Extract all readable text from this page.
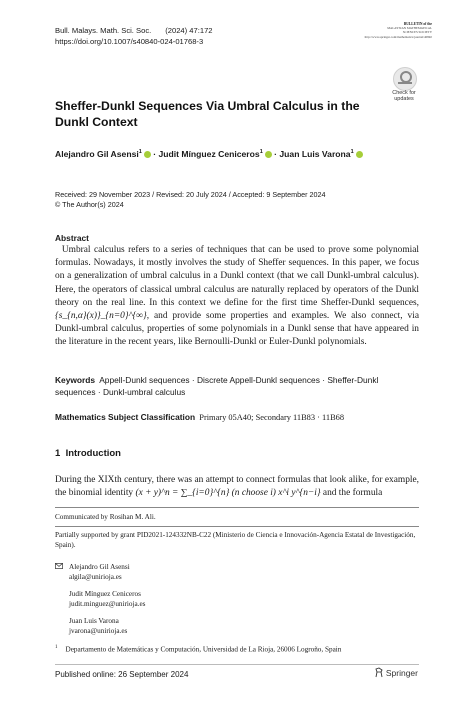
Bull. Malays. Math. Sci. Soc. (2024) 47:172
https://doi.org/10.1007/s40840-024-01768-3
BULLETIN of the
MALAYSIAN MATHEMATICAL
SCIENCES SOCIETY
http://www.springer.com/mathematics/journal/40840
Check for
updates
Sheffer-Dunkl Sequences Via Umbral Calculus in the Dunkl Context
Alejandro Gil Asensi$^1$ · Judit Mínguez Ceniceros$^1$ · Juan Luis Varona$^1$
Received: 29 November 2023 / Revised: 20 July 2024 / Accepted: 9 September 2024
© The Author(s) 2024
Abstract
Umbral calculus refers to a series of techniques that can be used to prove some polynomial formulas. Nowadays, it mostly involves the study of Sheffer sequences. In this paper, we focus on a generalization of umbral calculus in a Dunkl context (that we call Dunkl-umbral calculus). Here, the operators of classical umbral calculus are naturally replaced by operators of the Dunkl theory on the real line. In this context we define for the first time Sheffer-Dunkl sequences, {s_{n,α}(x)}_{n=0}^{∞}, and provide some properties and examples. We also connect, via Dunkl-umbral calculus, properties of some polynomials in a Dunkl sense that have appeared in the literature in the recent years, like Bernoulli-Dunkl or Euler-Dunkl polynomials.
Keywords Appell-Dunkl sequences · Discrete Appell-Dunkl sequences · Sheffer-Dunkl sequences · Dunkl-umbral calculus
Mathematics Subject Classification Primary 05A40; Secondary 11B83 · 11B68
1 Introduction
During the XIXth century, there was an attempt to connect formulas that look alike, for example, the binomial identity (x + y)^n = ∑_{i=0}^{n} (n choose i) x^i y^{n−i} and the formula
Communicated by Rosihan M. Ali.
Partially supported by grant PID2021-124332NB-C22 (Ministerio de Ciencia e Innovación-Agencia Estatal de Investigación, Spain).
Alejandro Gil Asensi
algila@unirioja.es
Judit Mínguez Ceniceros
judit.minguez@unirioja.es
Juan Luis Varona
jvarona@unirioja.es
$^1$ Departamento de Matemáticas y Computación, Universidad de La Rioja, 26006 Logroño, Spain
Published online: 26 September 2024	Springer
